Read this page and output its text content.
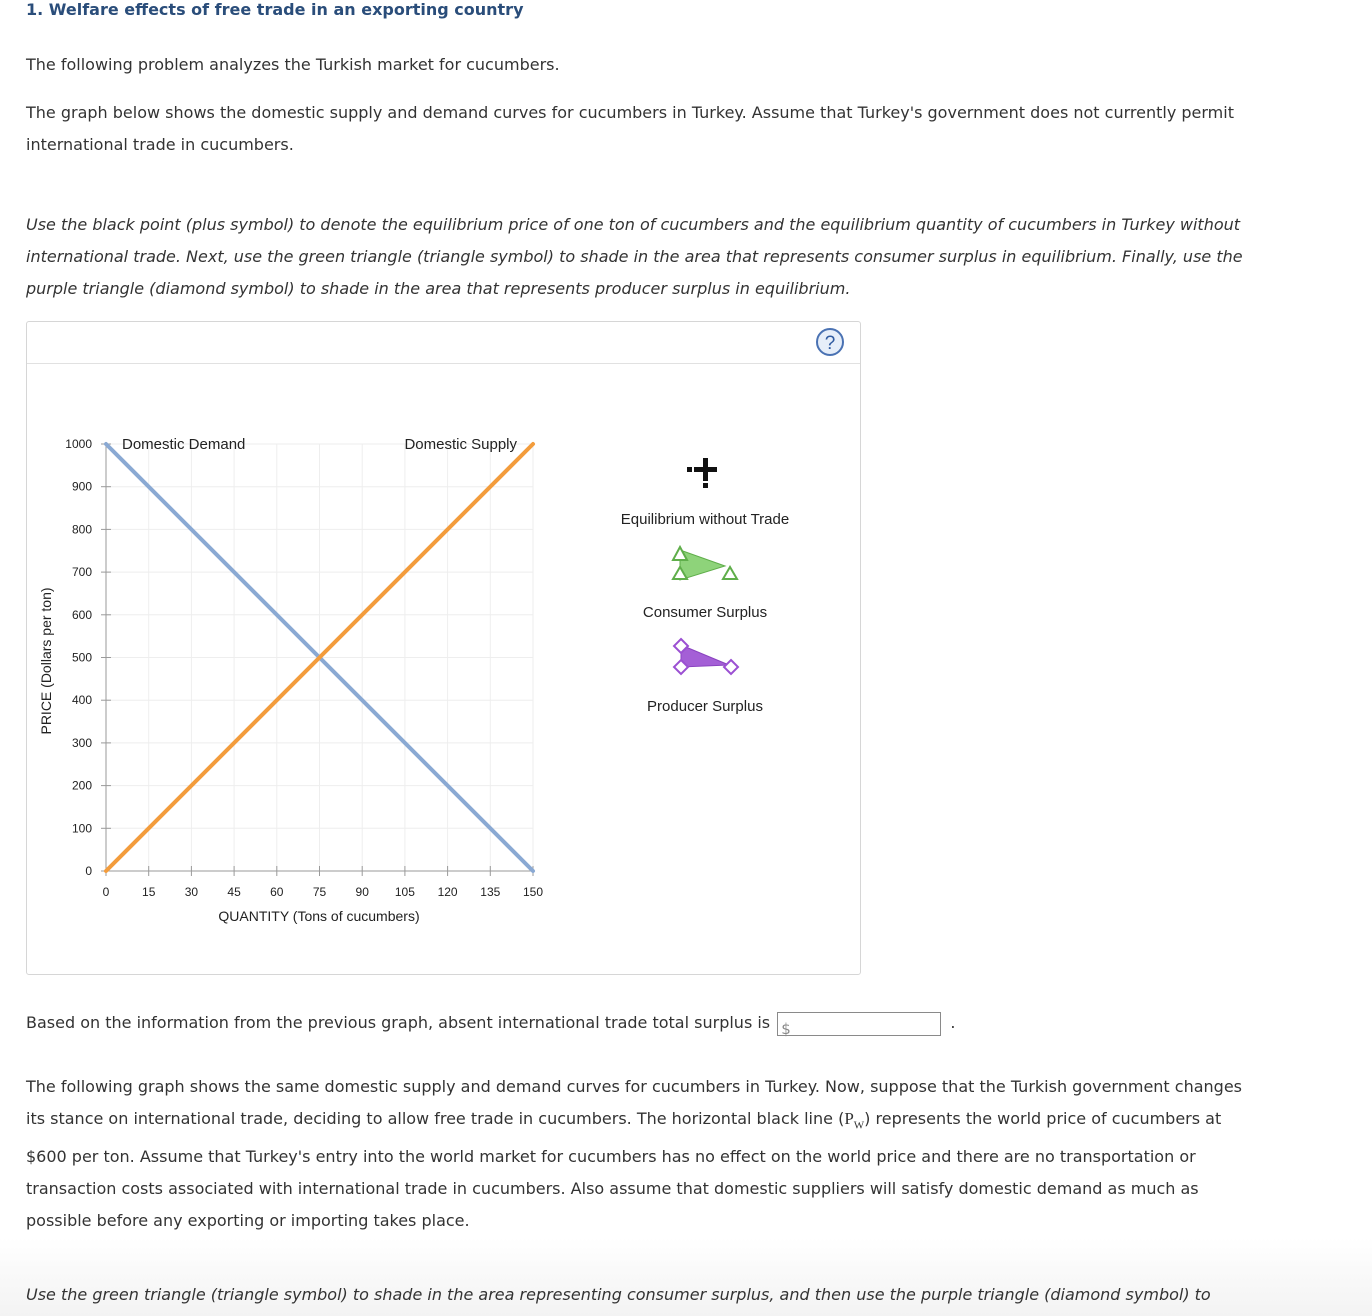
1. Welfare effects of free trade in an exporting country

The following problem analyzes the Turkish market for cucumbers.

The graph below shows the domestic supply and demand curves for cucumbers in Turkey. Assume that Turkey's government does not currently permit international trade in cucumbers.

Use the black point (plus symbol) to denote the equilibrium price of one ton of cucumbers and the equilibrium quantity of cucumbers in Turkey without international trade. Next, use the green triangle (triangle symbol) to shade in the area that represents consumer surplus in equilibrium. Finally, use the purple triangle (diamond symbol) to shade in the area that represents producer surplus in equilibrium.

?
0
100
200
300
400
500
600
700
800
900
1000
0	15 30 45 60 75 90 105 120 135 150
Domestic Demand	Domestic Supply
PRICE (Dollars per ton)
QUANTITY (Tons of cucumbers)
Equilibrium without Trade
Consumer Surplus
Producer Surplus
Based on the information from the previous graph, absent international trade total surplus is $	.

The following graph shows the same domestic supply and demand curves for cucumbers in Turkey. Now, suppose that the Turkish government changes its stance on international trade, deciding to allow free trade in cucumbers. The horizontal black line $(P_W)$ represents the world price of cucumbers at $600 per ton. Assume that Turkey's entry into the world market for cucumbers has no effect on the world price and there are no transportation or transaction costs associated with international trade in cucumbers. Also assume that domestic suppliers will satisfy domestic demand as much as possible before any exporting or importing takes place.

Use the green triangle (triangle symbol) to shade in the area representing consumer surplus, and then use the purple triangle (diamond symbol) to
